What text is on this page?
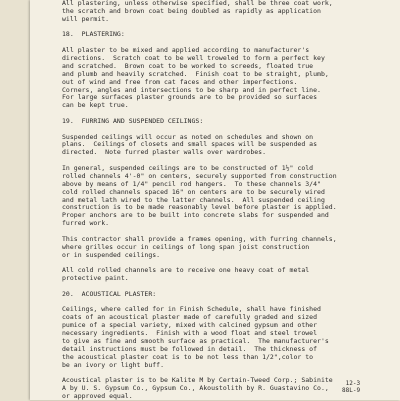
All plastering, unless otherwise specified, shall be three coat work,
the scratch and brown coat being doubled as rapidly as application
will permit.

18.  PLASTERING:

All plaster to be mixed and applied according to manufacturer's
directions.  Scratch coat to be well troweled to form a perfect key
and scratched.  Brown coat to be worked to screeds, floated true
and plumb and heavily scratched.  Finish coat to be straight, plumb,
out of wind and free from cat faces and other imperfections.
Corners, angles and intersections to be sharp and in perfect line.
For large surfaces plaster grounds are to be provided so surfaces
can be kept true.

19.  FURRING AND SUSPENDED CEILINGS:

Suspended ceilings will occur as noted on schedules and shown on
plans.  Ceilings of closets and small spaces will be suspended as
directed.  Note furred plaster walls over wardrobes.

In general, suspended ceilings are to be constructed of 1½" cold
rolled channels 4'-0" on centers, securely supported from construction
above by means of 1/4" pencil rod hangers.  To these channels 3/4"
cold rolled channels spaced 16" on centers are to be securely wired
and metal lath wired to the latter channels.  All suspended ceiling
construction is to be made reasonably level before plaster is applied.
Proper anchors are to be built into concrete slabs for suspended and
furred work.

This contractor shall provide a frames opening, with furring channels,
where grilles occur in ceilings of long span joist construction
or in suspended ceilings.

All cold rolled channels are to receive one heavy coat of metal
protective paint.

20.  ACOUSTICAL PLASTER:

Ceilings, where called for in Finish Schedule, shall have finished
coats of an acoustical plaster made of carefully graded and sized
pumice of a special variety, mixed with calcined gypsum and other
necessary ingredients.  Finish with a wood float and steel trowel
to give as fine and smooth surface as practical.  The manufacturer's
detail instructions must be followed in detail.  The thickness of
the acoustical plaster coat is to be not less than 1/2",color to
be an ivory or light buff.

Acoustical plaster is to be Kalite M by Certain-Tweed Corp.; Sabinite
A by U. S. Gypsum Co., Gypsum Co., Akoustolith by R. Guastavino Co.,
or approved equal.

12-3
88L-9
